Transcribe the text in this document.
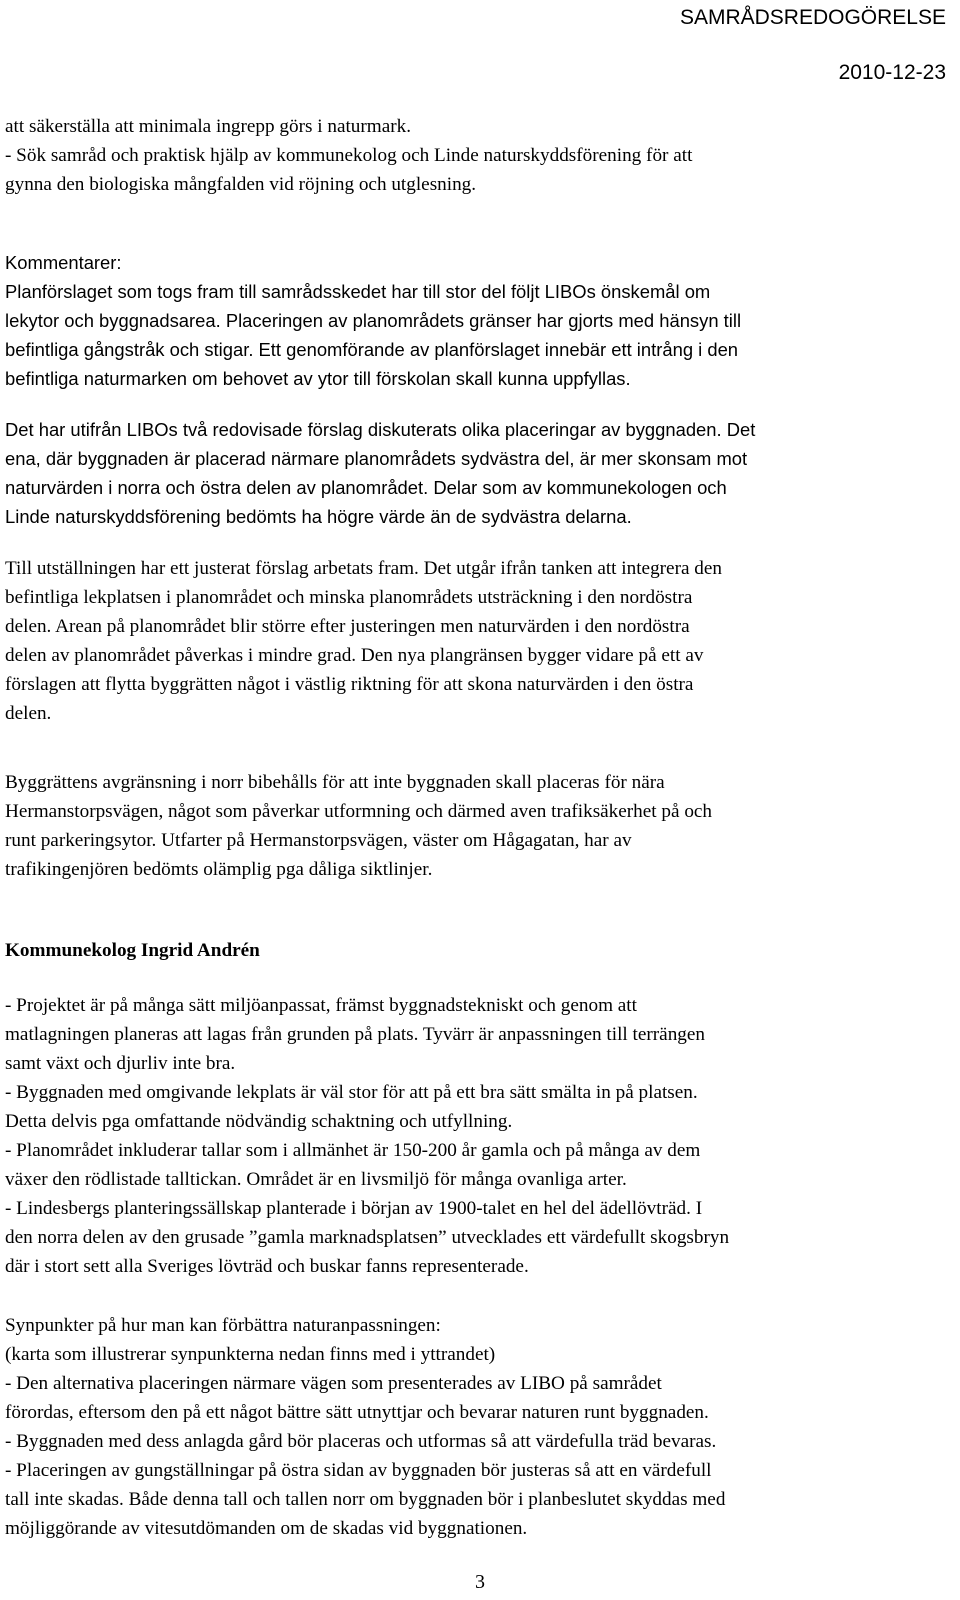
SAMRÅDSREDOGÖRELSE
2010-12-23
att säkerställa att minimala ingrepp görs i naturmark.
- Sök samråd och praktisk hjälp av kommunekolog och Linde naturskyddsförening för att
gynna den biologiska mångfalden vid röjning och utglesning.
Kommentarer:
Planförslaget som togs fram till samrådsskedet har till stor del följt LIBOs önskemål om
lekytor och byggnadsarea. Placeringen av planområdets gränser har gjorts med hänsyn till
befintliga gångstråk och stigar. Ett genomförande av planförslaget innebär ett intrång i den
befintliga naturmarken om behovet av ytor till förskolan skall kunna uppfyllas.
Det har utifrån LIBOs två redovisade förslag diskuterats olika placeringar av byggnaden. Det
ena, där byggnaden är placerad närmare planområdets sydvästra del, är mer skonsam mot
naturvärden i norra och östra delen av planområdet. Delar som av kommunekologen och
Linde naturskyddsförening bedömts ha högre värde än de sydvästra delarna.
Till utställningen har ett justerat förslag arbetats fram. Det utgår ifrån tanken att integrera den
befintliga lekplatsen i planområdet och minska planområdets utsträckning i den nordöstra
delen. Arean på planområdet blir större efter justeringen men naturvärden i den nordöstra
delen av planområdet påverkas i mindre grad. Den nya plangränsen bygger vidare på ett av
förslagen att flytta byggrätten något i västlig riktning för att skona naturvärden i den östra
delen.
Byggrättens avgränsning i norr bibehålls för att inte byggnaden skall placeras för nära
Hermanstorpsvägen, något som påverkar utformning och därmed aven trafiksäkerhet på och
runt parkeringsytor. Utfarter på Hermanstorpsvägen, väster om Hågagatan, har av
trafikingenjören bedömts olämplig pga dåliga siktlinjer.
Kommunekolog Ingrid Andrén
- Projektet är på många sätt miljöanpassat, främst byggnadstekniskt och genom att
matlagningen planeras att lagas från grunden på plats. Tyvärr är anpassningen till terrängen
samt växt och djurliv inte bra.
- Byggnaden med omgivande lekplats är väl stor för att på ett bra sätt smälta in på platsen.
Detta delvis pga omfattande nödvändig schaktning och utfyllning.
- Planområdet inkluderar tallar som i allmänhet är 150-200 år gamla och på många av dem
växer den rödlistade talltickan. Området är en livsmiljö för många ovanliga arter.
- Lindesbergs planteringssällskap planterade i början av 1900-talet en hel del ädellövträd. I
den norra delen av den grusade ”gamla marknadsplatsen” utvecklades ett värdefullt skogsbryn
där i stort sett alla Sveriges lövträd och buskar fanns representerade.
Synpunkter på hur man kan förbättra naturanpassningen:
(karta som illustrerar synpunkterna nedan finns med i yttrandet)
- Den alternativa placeringen närmare vägen som presenterades av LIBO på samrådet
förordas, eftersom den på ett något bättre sätt utnyttjar och bevarar naturen runt byggnaden.
- Byggnaden med dess anlagda gård bör placeras och utformas så att värdefulla träd bevaras.
- Placeringen av gungställningar på östra sidan av byggnaden bör justeras så att en värdefull
tall inte skadas. Både denna tall och tallen norr om byggnaden bör i planbeslutet skyddas med
möjliggörande av vitesutdömanden om de skadas vid byggnationen.
3
